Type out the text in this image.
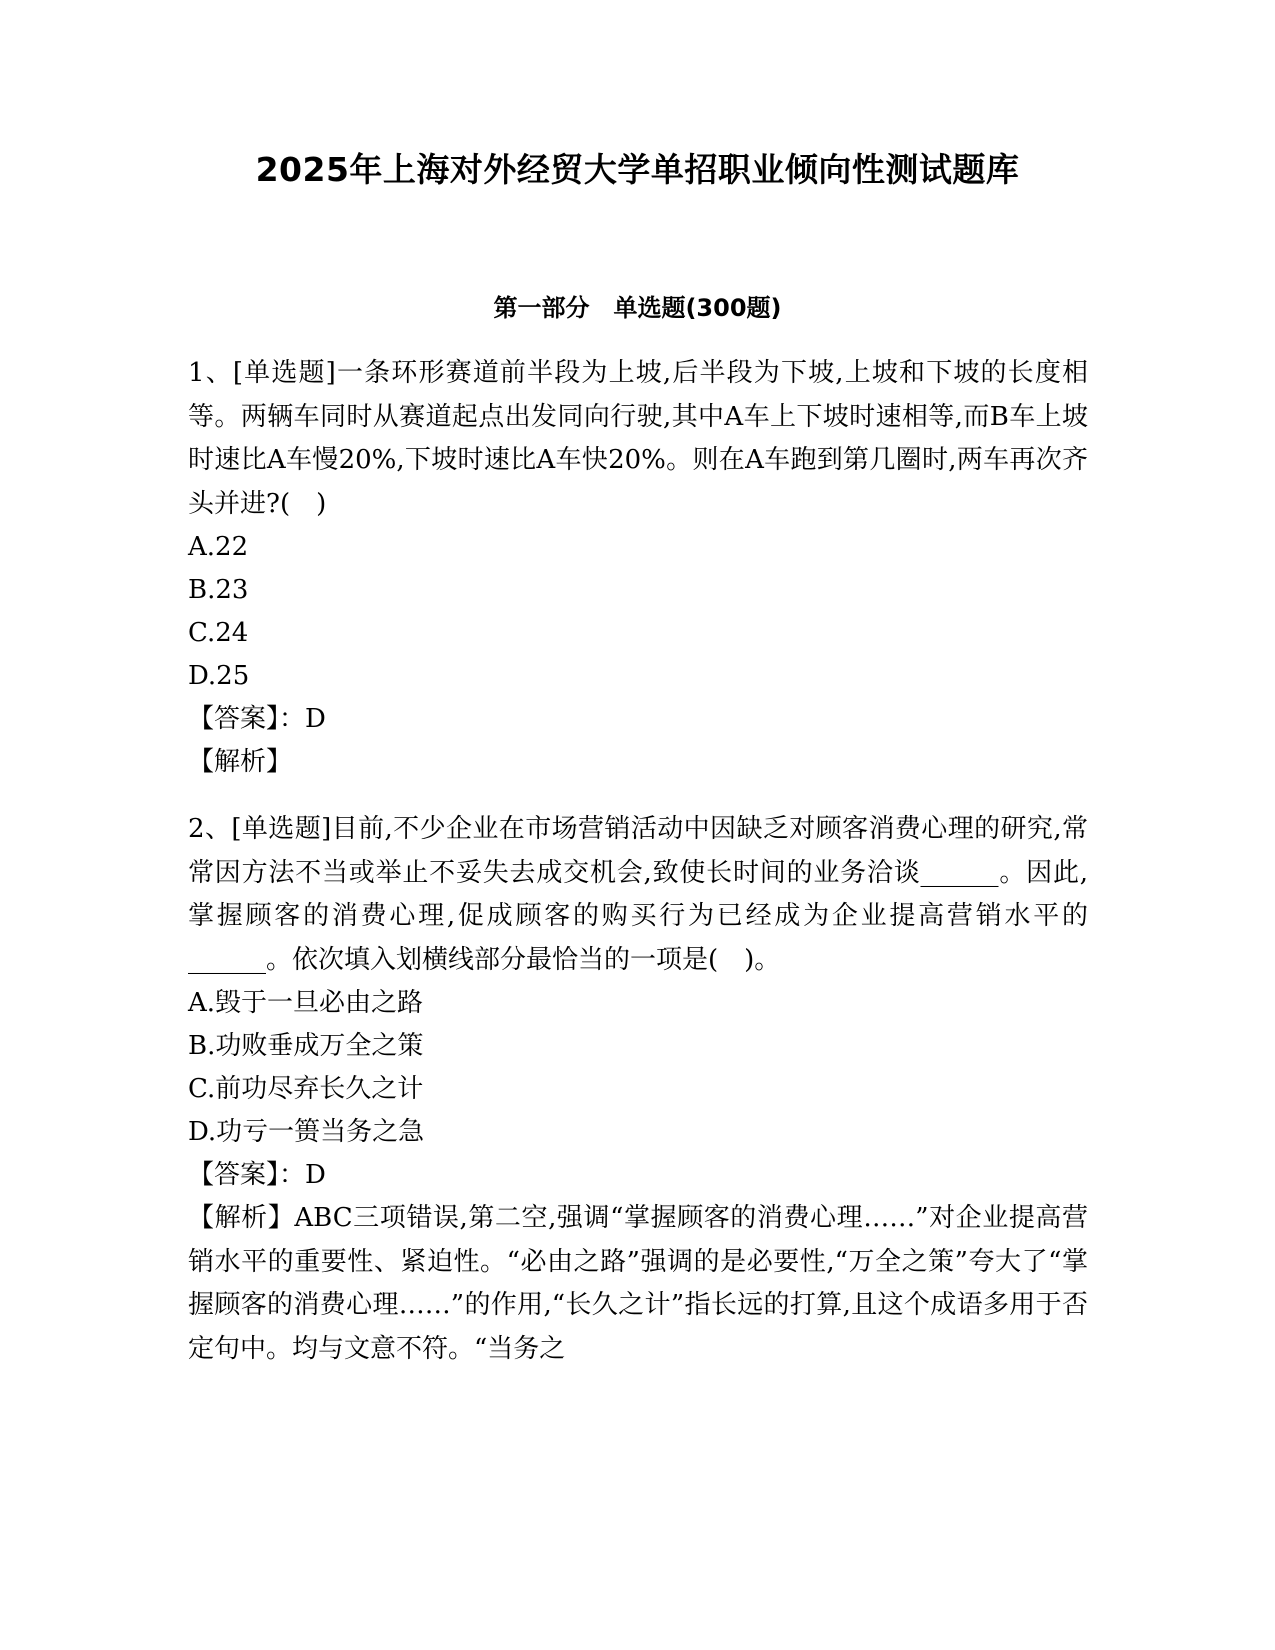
2025年上海对外经贸大学单招职业倾向性测试题库
第一部分　单选题(300题)
1、[单选题]一条环形赛道前半段为上坡,后半段为下坡,上坡和下坡的长度相等。两辆车同时从赛道起点出发同向行驶,其中A车上下坡时速相等,而B车上坡时速比A车慢20%,下坡时速比A车快20%。则在A车跑到第几圈时,两车再次齐头并进?(　)
A.22
B.23
C.24
D.25
【答案】：D
【解析】
2、[单选题]目前,不少企业在市场营销活动中因缺乏对顾客消费心理的研究,常常因方法不当或举止不妥失去成交机会,致使长时间的业务洽谈______。因此,掌握顾客的消费心理,促成顾客的购买行为已经成为企业提高营销水平的______。依次填入划横线部分最恰当的一项是(　)。
A.毁于一旦必由之路
B.功败垂成万全之策
C.前功尽弃长久之计
D.功亏一篑当务之急
【答案】：D
【解析】ABC三项错误,第二空,强调“掌握顾客的消费心理……”对企业提高营销水平的重要性、紧迫性。“必由之路”强调的是必要性,“万全之策”夸大了“掌握顾客的消费心理……”的作用,“长久之计”指长远的打算,且这个成语多用于否定句中。均与文意不符。“当务之
